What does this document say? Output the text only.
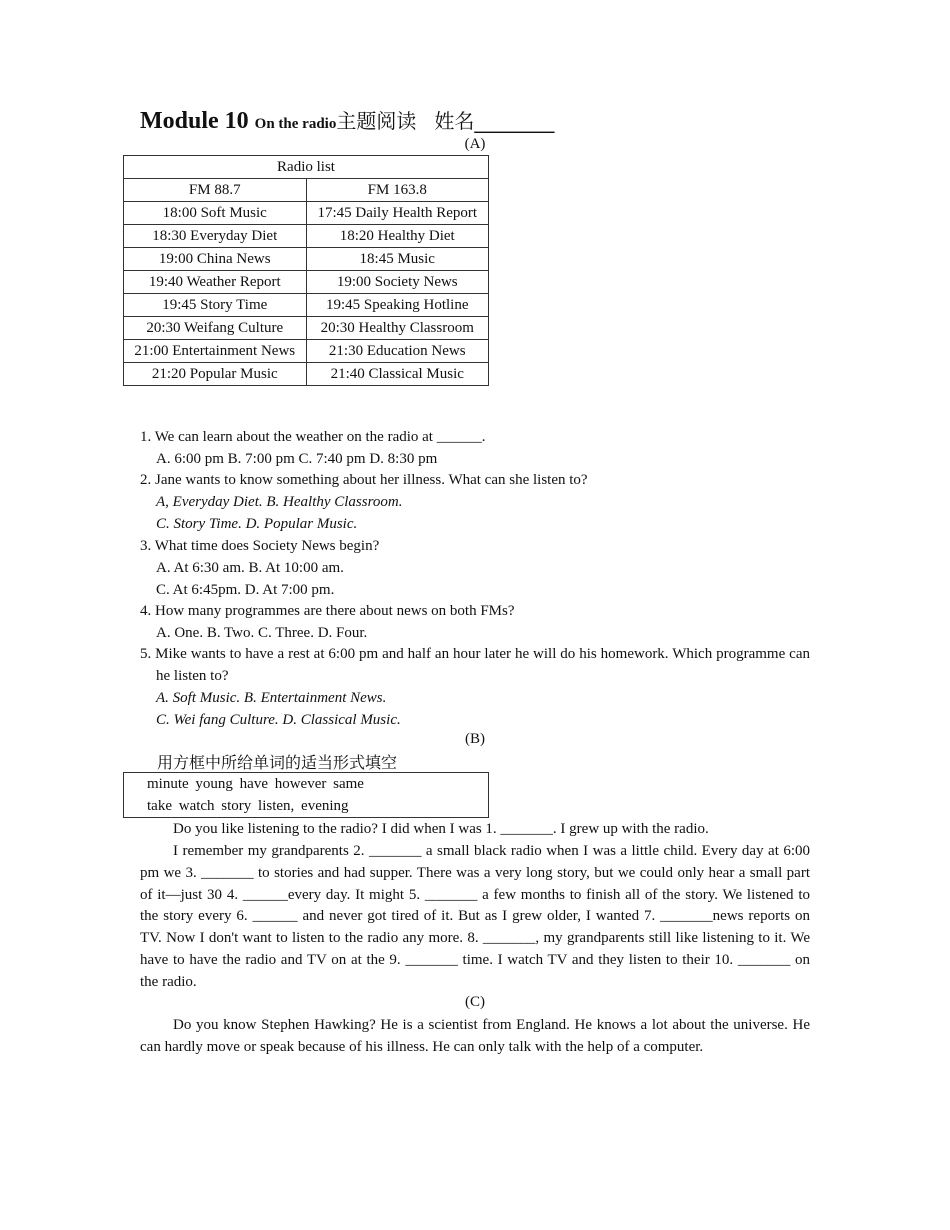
Module 10 On the radio主题阅读 姓名________
(A)
Radio list	
FM 88.7	FM 163.8
18:00 Soft Music	17:45 Daily Health Report
18:30 Everyday Diet	18:20 Healthy Diet
19:00 China News	18:45 Music
19:40 Weather Report	19:00 Society News
19:45 Story Time	19:45 Speaking Hotline
20:30 Weifang Culture	20:30 Healthy Classroom
21:00 Entertainment News	21:30 Education News
21:20 Popular Music	21:40 Classical Music
1. We can learn about the weather on the radio at ______.
A. 6:00 pm B. 7:00 pm C. 7:40 pm D. 8:30 pm
2. Jane wants to know something about her illness. What can she listen to?
A, Everyday Diet. B. Healthy Classroom.
C. Story Time. D. Popular Music.
3. What time does Society News begin?
A. At 6:30 am. B. At 10:00 am.
C. At 6:45pm. D. At 7:00 pm.
4. How many programmes are there about news on both FMs?
A. One. B. Two. C. Three. D. Four.
5. Mike wants to have a rest at 6:00 pm and half an hour later he will do his homework. Which programme can he listen to?
A. Soft Music. B. Entertainment News.
C. Wei fang Culture. D. Classical Music.
(B)
用方框中所给单词的适当形式填空
minute young have however same
take watch story listen, evening
Do you like listening to the radio? I did when I was 1. _______. I grew up with the radio.
I remember my grandparents 2. _______ a small black radio when I was a little child. Every day at 6:00 pm we 3. _______ to stories and had supper. There was a very long story, but we could only hear a small part of it—just 30 4. ______every day. It might 5. _______ a few months to finish all of the story. We listened to the story every 6. ______ and never got tired of it. But as I grew older, I wanted 7. _______news reports on TV. Now I don't want to listen to the radio any more. 8. _______, my grandparents still like listening to it. We have to have the radio and TV on at the 9. _______ time. I watch TV and they listen to their 10. _______ on the radio.
(C)
Do you know Stephen Hawking? He is a scientist from England. He knows a lot about the universe. He can hardly move or speak because of his illness. He can only talk with the help of a computer.
